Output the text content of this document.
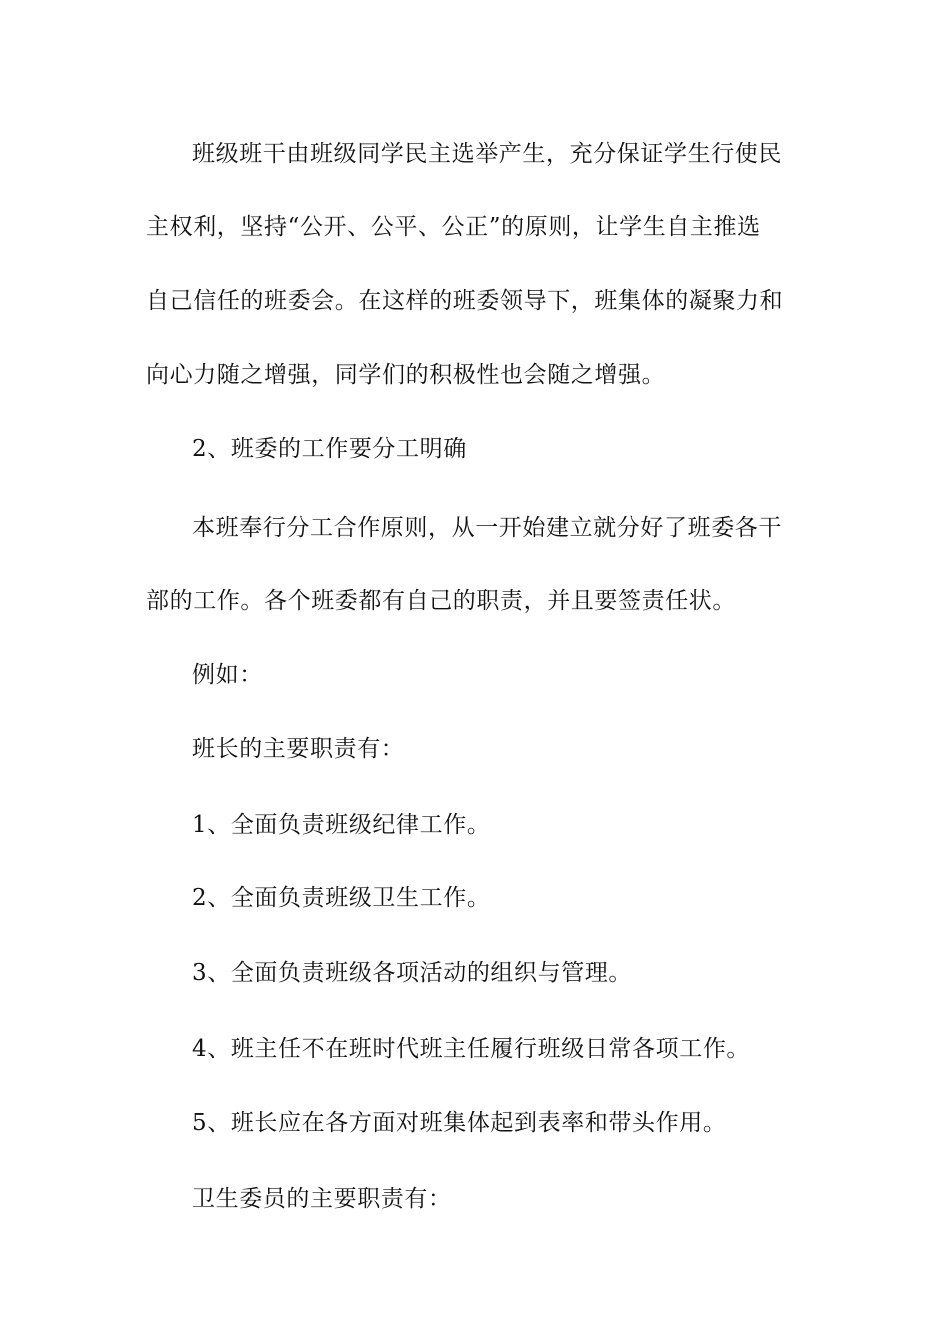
班级班干由班级同学民主选举产生，充分保证学生行使民
主权利，坚持“公开、公平、公正”的原则，让学生自主推选
自己信任的班委会。在这样的班委领导下，班集体的凝聚力和
向心力随之增强，同学们的积极性也会随之增强。
2、班委的工作要分工明确
本班奉行分工合作原则，从一开始建立就分好了班委各干
部的工作。各个班委都有自己的职责，并且要签责任状。
例如：
班长的主要职责有：
1、全面负责班级纪律工作。
2、全面负责班级卫生工作。
3、全面负责班级各项活动的组织与管理。
4、班主任不在班时代班主任履行班级日常各项工作。
5、班长应在各方面对班集体起到表率和带头作用。
卫生委员的主要职责有：
